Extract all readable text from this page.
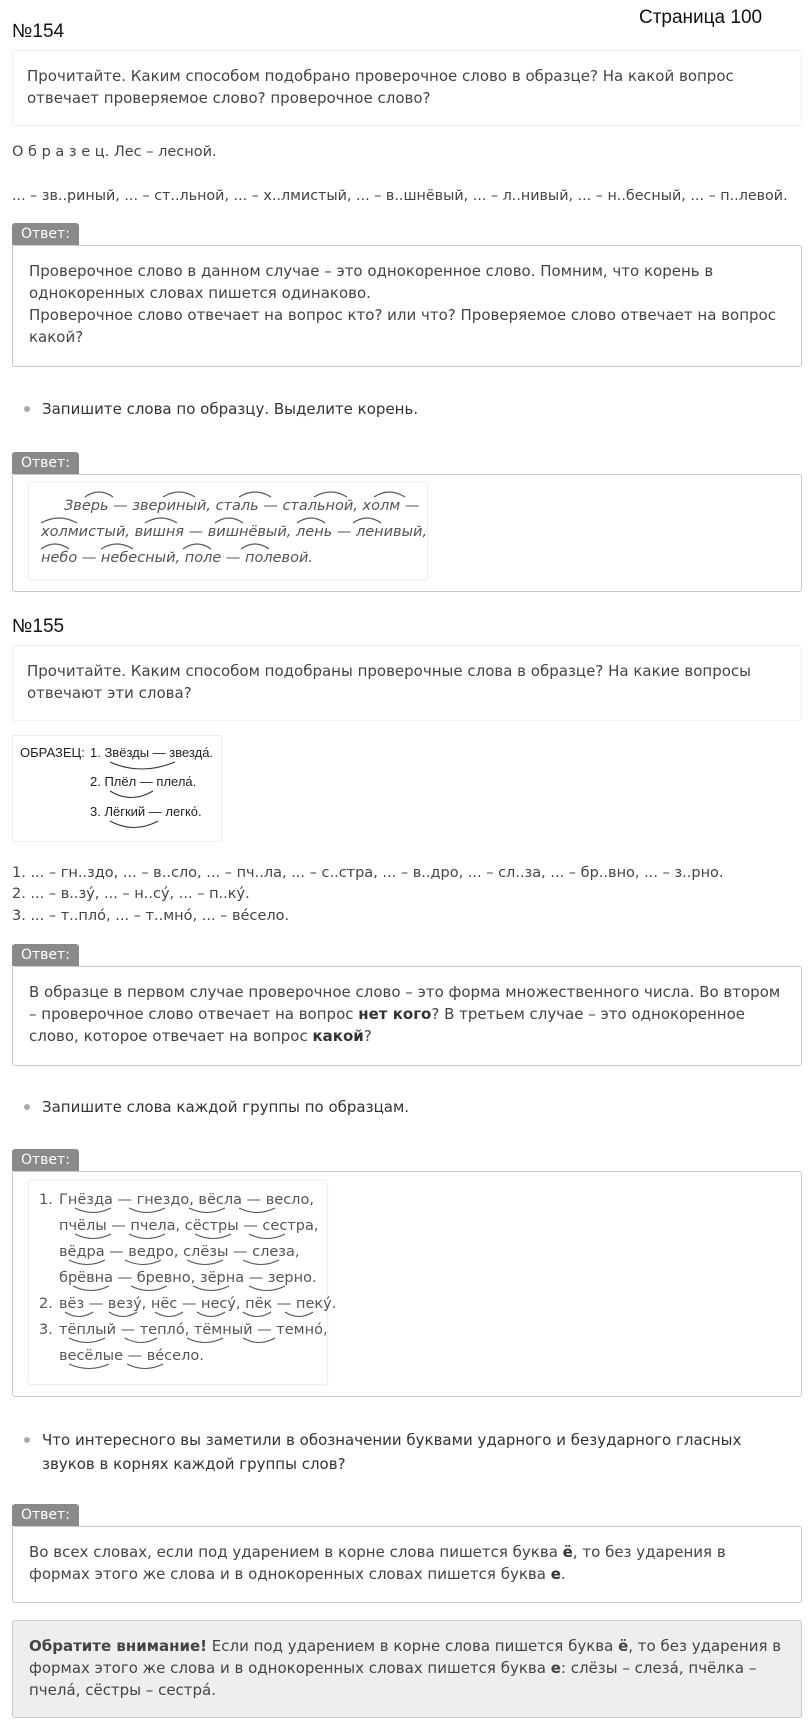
Страница 100
№154
Прочитайте. Каким способом подобрано проверочное слово в образце? На какой вопрос отвечает проверяемое слово? проверочное слово?
О б р а з е ц. Лес – лесной.
... – зв..риный, ... – ст..льной, ... – х..лмистый, ... – в..шнёвый, ... – л..нивый, ... – н..бесный, ... – п..левой.
Ответ:
Проверочное слово в данном случае – это однокоренное слово. Помним, что корень в однокоренных словах пишется одинаково.
Проверочное слово отвечает на вопрос кто? или что? Проверяемое слово отвечает на вопрос какой?
Запишите слова по образцу. Выделите корень.
Ответ:
Зверь — звериный, сталь — стальной, холм —
холмистый, вишня — вишнёвый, лень — ленивый,
небо — небесный, поле — полевой.
№155
Прочитайте. Каким способом подобраны проверочные слова в образце? На какие вопросы отвечают эти слова?
ОБРАЗЕЦ: 1. Звёзды — звезда́.
2. Плёл — плела́.
3. Лёгкий — легко́.
1. ... – гн..здо, ... – в..сло, ... – пч..ла, ... – с..стра, ... – в..дро, ... – сл..за, ... – бр..вно, ... – з..рно.
2. ... – в..зу́, ... – н..су́, ... – п..ку́.
3. ... – т..пло́, ... – т..мно́, ... – ве́село.
Ответ:
В образце в первом случае проверочное слово – это форма множественного числа. Во втором – проверочное слово отвечает на вопрос нет кого? В третьем случае – это однокоренное слово, которое отвечает на вопрос какой?
Запишите слова каждой группы по образцам.
Ответ:
1. Гнёзда — гнездо, вёсла — весло,
пчёлы — пчела, сёстры — сестра,
вёдра — ведро, слёзы — слеза,
брёвна — бревно, зёрна — зерно.
2. вёз — везу́, нёс — несу́, пёк — пеку́.
3. тёплый — тепло́, тёмный — темно́,
весёлые — ве́село.
Что интересного вы заметили в обозначении буквами ударного и безударного гласных звуков в корнях каждой группы слов?
Ответ:
Во всех словах, если под ударением в корне слова пишется буква ё, то без ударения в формах этого же слова и в однокоренных словах пишется буква е.
Обратите внимание! Если под ударением в корне слова пишется буква ё, то без ударения в формах этого же слова и в однокоренных словах пишется буква е: слёзы – слеза́, пчёлка – пчела́, сёстры – сестра́.
